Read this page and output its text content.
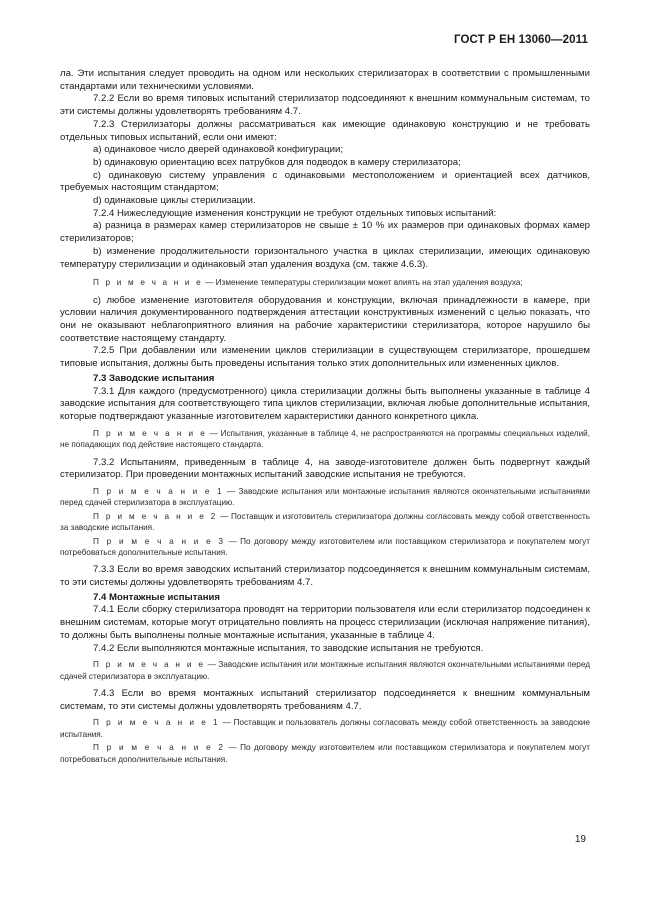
ГОСТ Р ЕН 13060—2011

ла. Эти испытания следует проводить на одном или нескольких стерилизаторах в соответствии с промышленными стандартами или техническими условиями.

7.2.2 Если во время типовых испытаний стерилизатор подсоединяют к внешним коммунальным системам, то эти системы должны удовлетворять требованиям 4.7.

7.2.3 Стерилизаторы должны рассматриваться как имеющие одинаковую конструкцию и не требовать отдельных типовых испытаний, если они имеют:

a) одинаковое число дверей одинаковой конфигурации;

b) одинаковую ориентацию всех патрубков для подводок в камеру стерилизатора;

c) одинаковую систему управления с одинаковыми местоположением и ориентацией всех датчиков, требуемых настоящим стандартом;

d) одинаковые циклы стерилизации.

7.2.4 Нижеследующие изменения конструкции не требуют отдельных типовых испытаний:

a) разница в размерах камер стерилизаторов не свыше ± 10 % их размеров при одинаковых формах камер стерилизаторов;

b) изменение продолжительности горизонтального участка в циклах стерилизации, имеющих одинаковую температуру стерилизации и одинаковый этап удаления воздуха (см. также 4.6.3).

П р и м е ч а н и е — Изменение температуры стерилизации может влиять на этап удаления воздуха;

c) любое изменение изготовителя оборудования и конструкции, включая принадлежности в камере, при условии наличия документированного подтверждения аттестации конструктивных изменений с целью показать, что они не оказывают неблагоприятного влияния на рабочие характеристики стерилизатора, которое нарушило бы соответствие настоящему стандарту.

7.2.5 При добавлении или изменении циклов стерилизации в существующем стерилизаторе, прошедшем типовые испытания, должны быть проведены испытания только этих дополнительных или измененных циклов.

7.3 Заводские испытания

7.3.1 Для каждого (предусмотренного) цикла стерилизации должны быть выполнены указанные в таблице 4 заводские испытания для соответствующего типа циклов стерилизации, включая любые дополнительные испытания, которые подтверждают указанные изготовителем характеристики данного конкретного цикла.

П р и м е ч а н и е — Испытания, указанные в таблице 4, не распространяются на программы специальных изделий, не попадающих под действие настоящего стандарта.

7.3.2 Испытаниям, приведенным в таблице 4, на заводе-изготовителе должен быть подвергнут каждый стерилизатор. При проведении монтажных испытаний заводские испытания не требуются.

П р и м е ч а н и е 1 — Заводские испытания или монтажные испытания являются окончательными испытаниями перед сдачей стерилизатора в эксплуатацию.

П р и м е ч а н и е 2 — Поставщик и изготовитель стерилизатора должны согласовать между собой ответственность за заводские испытания.

П р и м е ч а н и е 3 — По договору между изготовителем или поставщиком стерилизатора и покупателем могут потребоваться дополнительные испытания.

7.3.3 Если во время заводских испытаний стерилизатор подсоединяется к внешним коммунальным системам, то эти системы должны удовлетворять требованиям 4.7.

7.4 Монтажные испытания

7.4.1 Если сборку стерилизатора проводят на территории пользователя или если стерилизатор подсоединен к внешним системам, которые могут отрицательно повлиять на процесс стерилизации (исключая напряжение питания), то должны быть выполнены полные монтажные испытания, указанные в таблице 4.

7.4.2 Если выполняются монтажные испытания, то заводские испытания не требуются.

П р и м е ч а н и е — Заводские испытания или монтажные испытания являются окончательными испытаниями перед сдачей стерилизатора в эксплуатацию.

7.4.3 Если во время монтажных испытаний стерилизатор подсоединяется к внешним коммунальным системам, то эти системы должны удовлетворять требованиям 4.7.

П р и м е ч а н и е 1 — Поставщик и пользователь должны согласовать между собой ответственность за заводские испытания.

П р и м е ч а н и е 2 — По договору между изготовителем или поставщиком стерилизатора и покупателем могут потребоваться дополнительные испытания.

19
